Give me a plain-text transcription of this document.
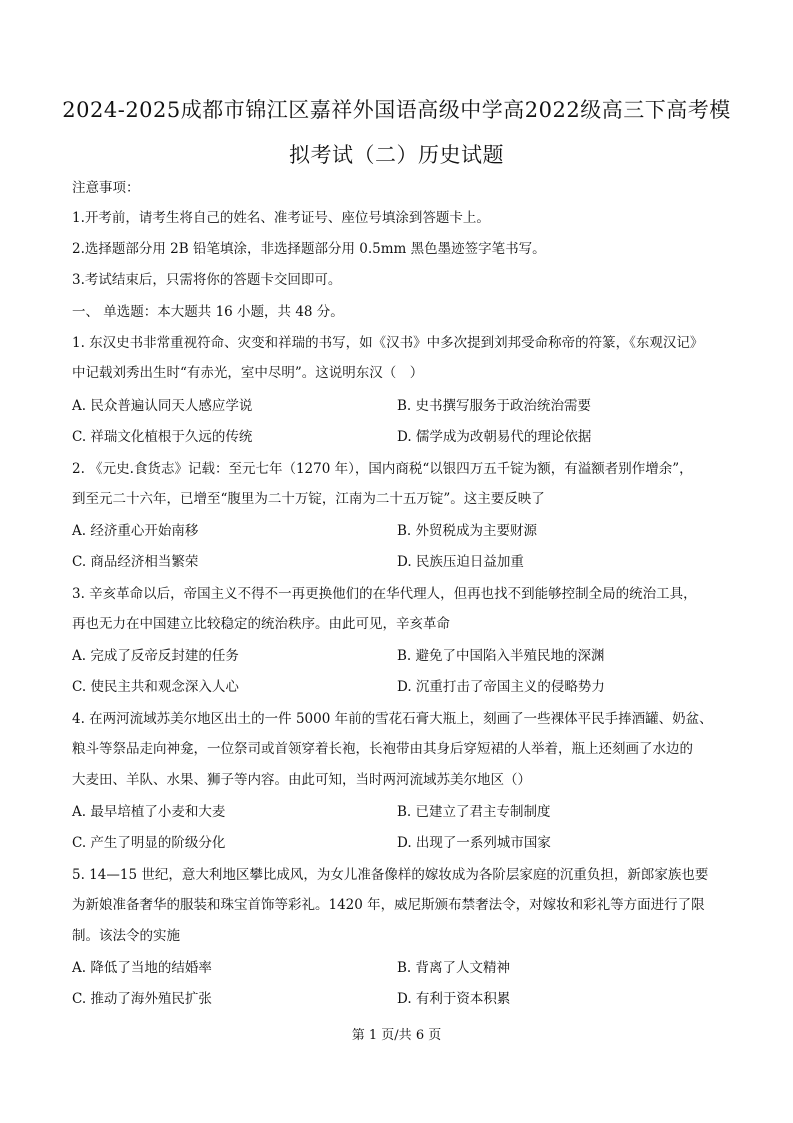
2024-2025成都市锦江区嘉祥外国语高级中学高2022级高三下高考模
拟考试（二）历史试题
注意事项：
1.开考前，请考生将自己的姓名、准考证号、座位号填涂到答题卡上。
2.选择题部分用 2B 铅笔填涂，非选择题部分用 0.5mm 黑色墨迹签字笔书写。
3.考试结束后，只需将你的答题卡交回即可。
一、 单选题：本大题共 16 小题，共 48 分。
1. 东汉史书非常重视符命、灾变和祥瑞的书写，如《汉书》中多次提到刘邦受命称帝的符篆，《东观汉记》
中记载刘秀出生时“有赤光，室中尽明”。这说明东汉（　）
A. 民众普遍认同天人感应学说	B. 史书撰写服务于政治统治需要
C. 祥瑞文化植根于久远的传统	D. 儒学成为改朝易代的理论依据
2. 《元史.食货志》记载：至元七年（1270 年），国内商税“以银四万五千锭为额，有溢额者别作增余”，
到至元二十六年，已增至“腹里为二十万锭，江南为二十五万锭”。这主要反映了
A. 经济重心开始南移	B. 外贸税成为主要财源
C. 商品经济相当繁荣	D. 民族压迫日益加重
3. 辛亥革命以后，帝国主义不得不一再更换他们的在华代理人，但再也找不到能够控制全局的统治工具，
再也无力在中国建立比较稳定的统治秩序。由此可见，辛亥革命
A. 完成了反帝反封建的任务	B. 避免了中国陷入半殖民地的深渊
C. 使民主共和观念深入人心	D. 沉重打击了帝国主义的侵略势力
4. 在两河流域苏美尔地区出土的一件 5000 年前的雪花石膏大瓶上，刻画了一些裸体平民手捧酒罐、奶盆、
粮斗等祭品走向神龛，一位祭司或首领穿着长袍，长袍带由其身后穿短裙的人举着，瓶上还刻画了水边的
大麦田、羊队、水果、狮子等内容。由此可知，当时两河流域苏美尔地区（）
A. 最早培植了小麦和大麦	B. 已建立了君主专制制度
C. 产生了明显的阶级分化	D. 出现了一系列城市国家
5. 14—15 世纪，意大利地区攀比成风，为女儿准备像样的嫁妆成为各阶层家庭的沉重负担，新郎家族也要
为新娘准备奢华的服装和珠宝首饰等彩礼。1420 年，威尼斯颁布禁奢法令，对嫁妆和彩礼等方面进行了限
制。该法令的实施
A. 降低了当地的结婚率	B. 背离了人文精神
C. 推动了海外殖民扩张	D. 有利于资本积累
第 1 页/共 6 页
